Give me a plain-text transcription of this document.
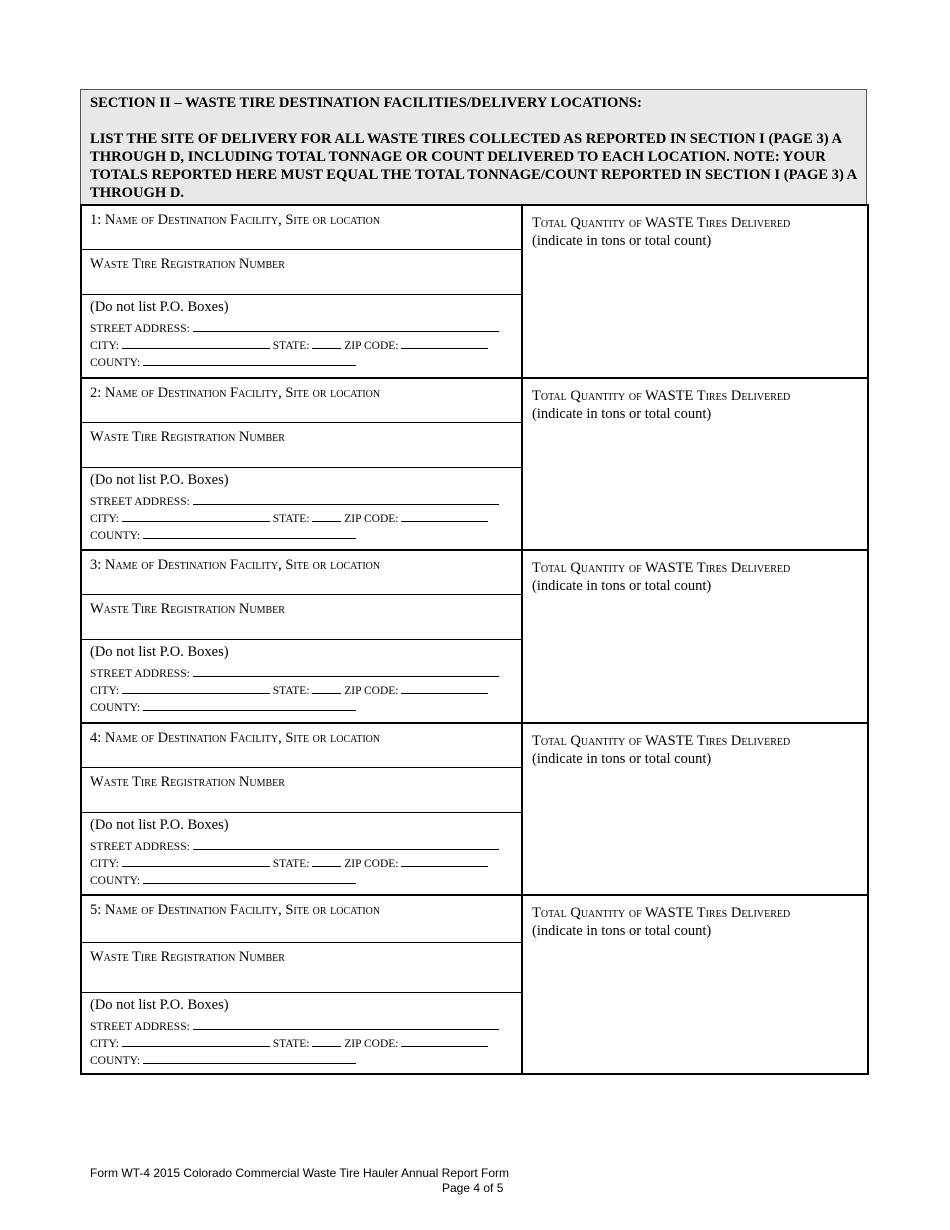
SECTION II – WASTE TIRE DESTINATION FACILITIES/DELIVERY LOCATIONS:
LIST THE SITE OF DELIVERY FOR ALL WASTE TIRES COLLECTED AS REPORTED IN SECTION I (PAGE 3) A THROUGH D, INCLUDING TOTAL TONNAGE OR COUNT DELIVERED TO EACH LOCATION. NOTE: YOUR TOTALS REPORTED HERE MUST EQUAL THE TOTAL TONNAGE/COUNT REPORTED IN SECTION I (PAGE 3) A THROUGH D.
1: Name of Destination Facility, Site or location
Waste Tire Registration Number
(Do not list P.O. Boxes)
STREET ADDRESS:
CITY:	STATE:	ZIP CODE:
COUNTY:
Total Quantity of WASTE Tires Delivered
(indicate in tons or total count)
2: Name of Destination Facility, Site or location
Waste Tire Registration Number
(Do not list P.O. Boxes)
STREET ADDRESS:
CITY:	STATE:	ZIP CODE:
COUNTY:
Total Quantity of WASTE Tires Delivered
(indicate in tons or total count)
3: Name of Destination Facility, Site or location
Waste Tire Registration Number
(Do not list P.O. Boxes)
STREET ADDRESS:
CITY:	STATE:	ZIP CODE:
COUNTY:
Total Quantity of WASTE Tires Delivered
(indicate in tons or total count)
4: Name of Destination Facility, Site or location
Waste Tire Registration Number
(Do not list P.O. Boxes)
STREET ADDRESS:
CITY:	STATE:	ZIP CODE:
COUNTY:
Total Quantity of WASTE Tires Delivered
(indicate in tons or total count)
5: Name of Destination Facility, Site or location
Waste Tire Registration Number
(Do not list P.O. Boxes)
STREET ADDRESS:
CITY:	STATE:	ZIP CODE:
COUNTY:
Total Quantity of WASTE Tires Delivered
(indicate in tons or total count)
Form WT-4 2015 Colorado Commercial Waste Tire Hauler Annual Report Form
Page 4 of 5
